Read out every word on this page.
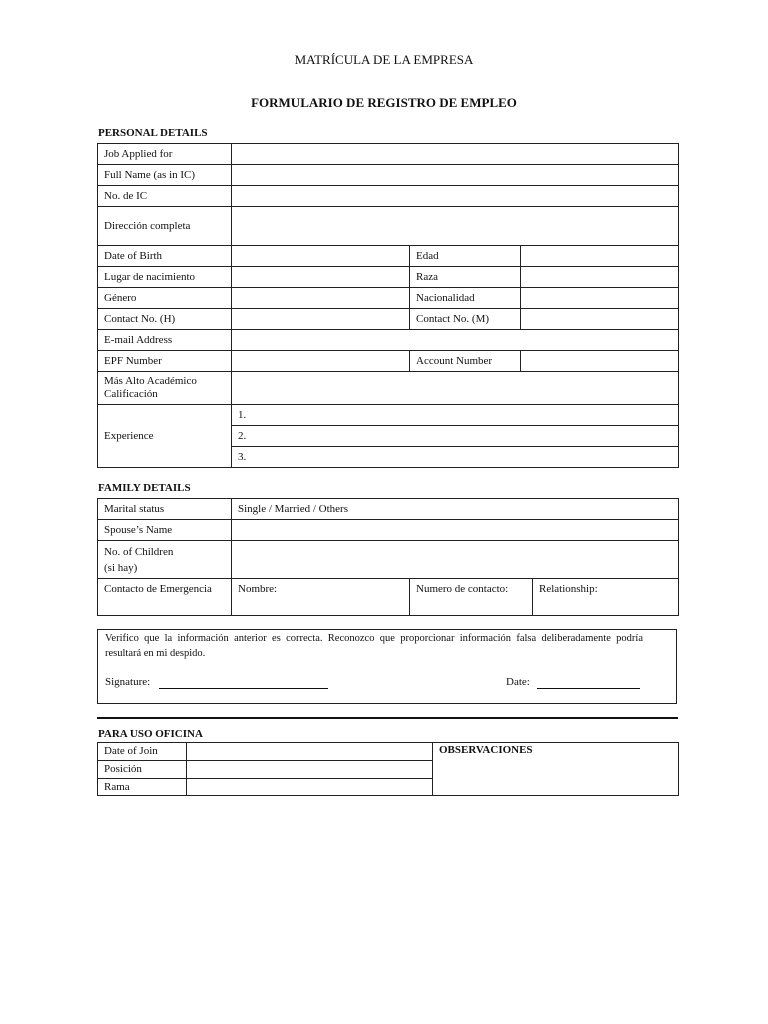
MATRÍCULA DE LA EMPRESA
FORMULARIO DE REGISTRO DE EMPLEO
PERSONAL DETAILS
Job Applied for			
Full Name (as in IC)			
No. de IC			
Dirección completa			
Date of Birth		Edad	
Lugar de nacimiento		Raza	
Género		Nacionalidad	
Contact No. (H)		Contact No. (M)	
E-mail Address			
EPF Number		Account Number	

Más Alto Académico
Calificación			

Experience	1.		
	2.		
	3.		
FAMILY DETAILS
Marital status	Single / Married / Others		
Spouse’s Name			

No. of Children
(si hay)			

Contacto de Emergencia	Nombre:	Numero de contacto:	Relationship:
Verifico que la información anterior es correcta. Reconozco que proporcionar información falsa deliberadamente podría resultará en mi despido.
Signature:	Date:
PARA USO OFICINA
Date of Join		OBSERVACIONES
Posición		
Rama		
